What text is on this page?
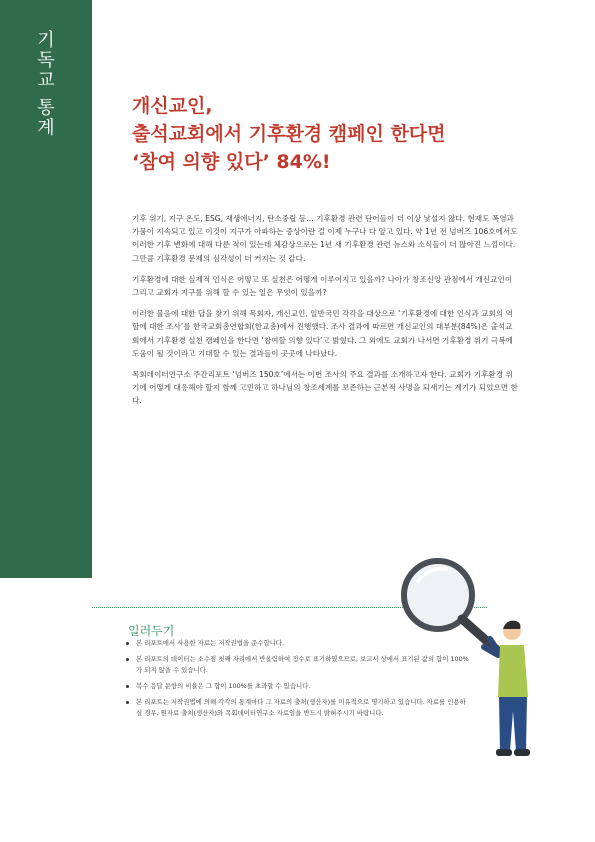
기독교 통계	개신교인,
출석교회에서 기후환경 캠페인 한다면
‘참여 의향 있다’ 84%!

기후 위기, 지구 온도, ESG, 재생에너지, 탄소중립 등… 기후환경 관련 단어들이 더 이상 낯설지 않다. 현재도 폭염과 가뭄이 지속되고 있고 이것이 지구가 아파하는 증상이란 걸 이제 누구나 다 알고 있다. 약 1년 전 넘버즈 106호에서도 이러한 기후 변화에 대해 다룬 적이 있는데 체감상으로는 1년 새 기후환경 관련 뉴스와 소식들이 더 많아진 느낌이다. 그만큼 기후환경 문제의 심각성이 더 커지는 것 같다.

기후환경에 대한 실제적 인식은 어떻고 또 실천은 어떻게 이루어지고 있을까? 나아가 창조신앙 관점에서 개신교인이 그리고 교회가 지구를 위해 할 수 있는 일은 무엇이 있을까?

이러한 물음에 대한 답을 찾기 위해 목회자, 개신교인, 일반국민 각각을 대상으로 ‘기후환경에 대한 인식과 교회의 역할에 대한 조사’를 한국교회총연합회(한교총)에서 진행했다. 조사 결과에 따르면 개신교인의 대부분(84%)은 출석교회에서 기후환경 실천 캠페인을 한다면 ‘참여할 의향 있다’고 밝혔다. 그 외에도 교회가 나서면 기후환경 위기 극복에 도움이 될 것이라고 기대할 수 있는 결과들이 곳곳에 나타났다.

목회데이터연구소 주간리포트 ‘넘버즈 150호’에서는 이번 조사의 주요 결과를 소개하고자 한다. 교회가 기후환경 위기에 어떻게 대응해야 할지 함께 고민하고 하나님의 창조세계를 보존하는 근본적 사명을 되새기는 계기가 되었으면 한다.

일러두기
본 리포트에서 사용한 자료는 저작권법을 준수합니다.
본 리포트의 데이터는 소수점 첫째 자리에서 반올림하여 정수로 표기하였으므로, 보고서 상에서 표기된 값의 합이 100%가 되지 않을 수 있습니다.
복수 응답 문항의 비율은 그 합이 100%를 초과할 수 있습니다.
본 리포트는 저작권법에 의해 각각의 통계마다 그 자료의 출처(생산자)를 미유적으로 명기하고 있습니다. 자료를 인용하실 경우, 원자료 출처(생산자)와 목회데이터연구소 자료임을 반드시 밝혀주시기 바랍니다.
